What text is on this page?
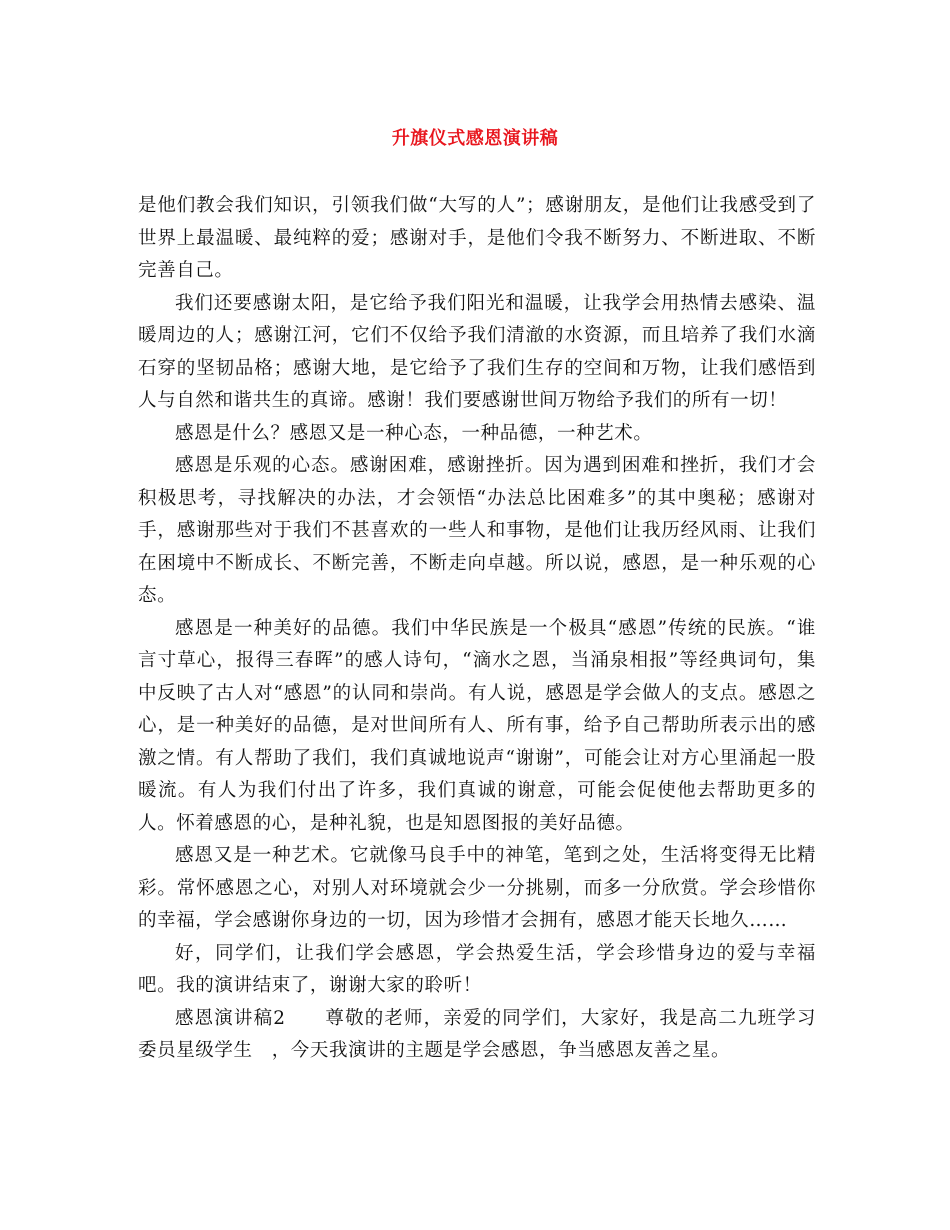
升旗仪式感恩演讲稿

是他们教会我们知识，引领我们做“大写的人”；感谢朋友，是他们让我感受到了世界上最温暖、最纯粹的爱；感谢对手，是他们令我不断努力、不断进取、不断完善自己。

我们还要感谢太阳，是它给予我们阳光和温暖，让我学会用热情去感染、温暖周边的人；感谢江河，它们不仅给予我们清澈的水资源，而且培养了我们水滴石穿的坚韧品格；感谢大地，是它给予了我们生存的空间和万物，让我们感悟到人与自然和谐共生的真谛。感谢！我们要感谢世间万物给予我们的所有一切！

感恩是什么？感恩又是一种心态，一种品德，一种艺术。

感恩是乐观的心态。感谢困难，感谢挫折。因为遇到困难和挫折，我们才会积极思考，寻找解决的办法，才会领悟“办法总比困难多”的其中奥秘；感谢对手，感谢那些对于我们不甚喜欢的一些人和事物，是他们让我历经风雨、让我们在困境中不断成长、不断完善，不断走向卓越。所以说，感恩，是一种乐观的心态。

感恩是一种美好的品德。我们中华民族是一个极具“感恩”传统的民族。“谁言寸草心，报得三春晖”的感人诗句，“滴水之恩，当涌泉相报”等经典词句，集中反映了古人对“感恩”的认同和崇尚。有人说，感恩是学会做人的支点。感恩之心，是一种美好的品德，是对世间所有人、所有事，给予自己帮助所表示出的感激之情。有人帮助了我们，我们真诚地说声“谢谢”，可能会让对方心里涌起一股暖流。有人为我们付出了许多，我们真诚的谢意，可能会促使他去帮助更多的人。怀着感恩的心，是种礼貌，也是知恩图报的美好品德。

感恩又是一种艺术。它就像马良手中的神笔，笔到之处，生活将变得无比精彩。常怀感恩之心，对别人对环境就会少一分挑剔，而多一分欣赏。学会珍惜你的幸福，学会感谢你身边的一切，因为珍惜才会拥有，感恩才能天长地久……

好，同学们，让我们学会感恩，学会热爱生活，学会珍惜身边的爱与幸福吧。我的演讲结束了，谢谢大家的聆听！

感恩演讲稿2　　尊敬的老师，亲爱的同学们，大家好，我是高二九班学习委员星级学生　，今天我演讲的主题是学会感恩，争当感恩友善之星。
